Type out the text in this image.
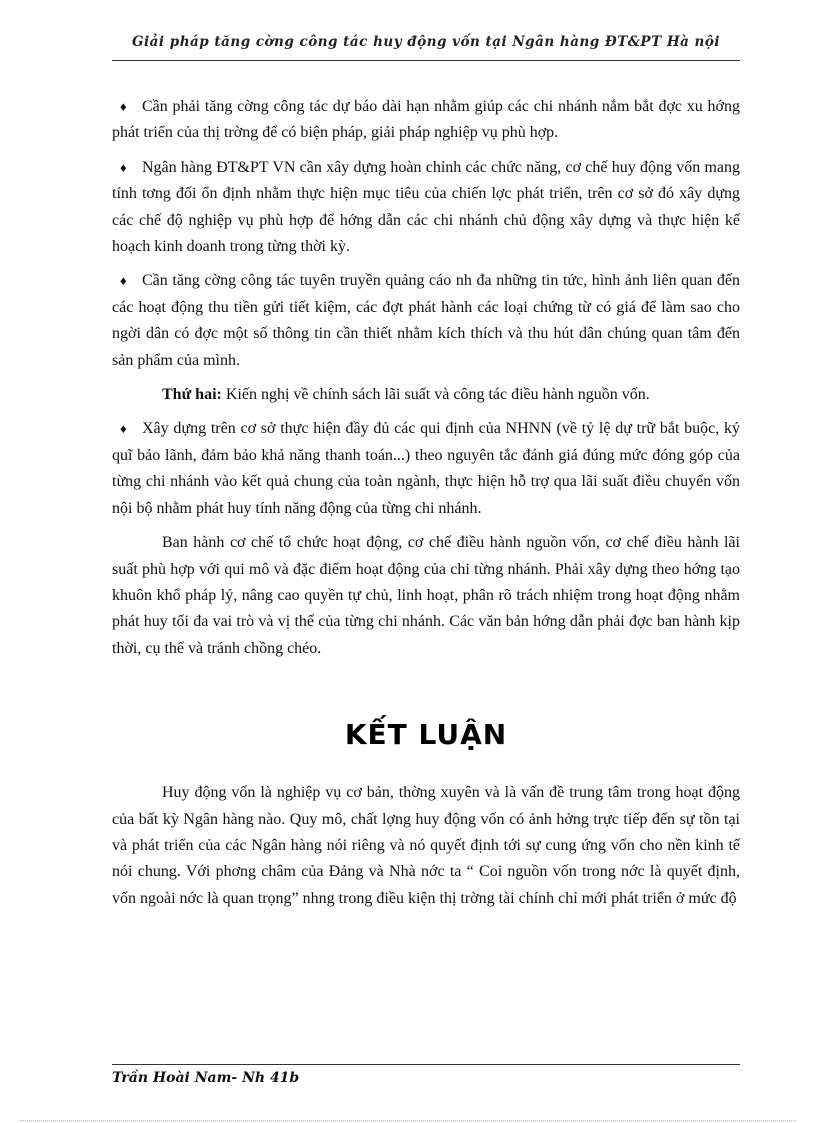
Giải pháp tăng cờng công tác huy động vốn tại Ngân hàng ĐT&PT Hà nội

♦ Cần phải tăng cờng công tác dự báo dài hạn nhằm giúp các chi nhánh nắm bắt đợc xu hớng phát triển của thị trờng để có biện pháp, giải pháp nghiệp vụ phù hợp.

♦ Ngân hàng ĐT&PT VN cần xây dựng hoàn chỉnh các chức năng, cơ chế huy động vốn mang tính tơng đối ổn định nhằm thực hiện mục tiêu của chiến lợc phát triển, trên cơ sở đó xây dựng các chế độ nghiệp vụ phù hợp để hớng dẫn các chi nhánh chủ động xây dựng và thực hiện kế hoạch kinh doanh trong từng thời kỳ.

♦ Cần tăng cờng công tác tuyên truyền quảng cáo nh đa những tin tức, hình ảnh liên quan đến các hoạt động thu tiền gửi tiết kiệm, các đợt phát hành các loại chứng từ có giá để làm sao cho ngời dân có đợc một số thông tin cần thiết nhằm kích thích và thu hút dân chúng quan tâm đến sản phẩm của mình.

Thứ hai: Kiến nghị về chính sách lãi suất và công tác điều hành nguồn vốn.

♦ Xây dựng trên cơ sở thực hiện đầy đủ các qui định của NHNN (về tỷ lệ dự trữ bắt buộc, ký quĩ bảo lãnh, đảm bảo khả năng thanh toán...) theo nguyên tắc đánh giá đúng mức đóng góp của từng chi nhánh vào kết quả chung của toàn ngành, thực hiện hỗ trợ qua lãi suất điều chuyển vốn nội bộ nhằm phát huy tính năng động của từng chi nhánh.

Ban hành cơ chế tổ chức hoạt động, cơ chế điều hành nguồn vốn, cơ chế điều hành lãi suất phù hợp với qui mô và đặc điểm hoạt động của chi từng nhánh. Phải xây dựng theo hớng tạo khuôn khổ pháp lý, nâng cao quyền tự chủ, linh hoạt, phân rõ trách nhiệm trong hoạt động nhằm phát huy tối đa vai trò và vị thế của từng chi nhánh. Các văn bản hớng dẫn phải đợc ban hành kịp thời, cụ thể và tránh chồng chéo.

KẾT LUẬN

Huy động vốn là nghiệp vụ cơ bản, thờng xuyên và là vấn đề trung tâm trong hoạt động của bất kỳ Ngân hàng nào. Quy mô, chất lợng huy động vốn có ảnh hởng trực tiếp đến sự tồn tại và phát triển của các Ngân hàng nói riêng và nó quyết định tới sự cung ứng vốn cho nền kinh tế nói chung. Với phơng châm của Đảng và Nhà nớc ta “ Coi nguồn vốn trong nớc là quyết định, vốn ngoài nớc là quan trọng” nhng trong điều kiện thị trờng tài chính chỉ mới phát triển ở mức độ

Trần Hoài Nam- Nh 41b
